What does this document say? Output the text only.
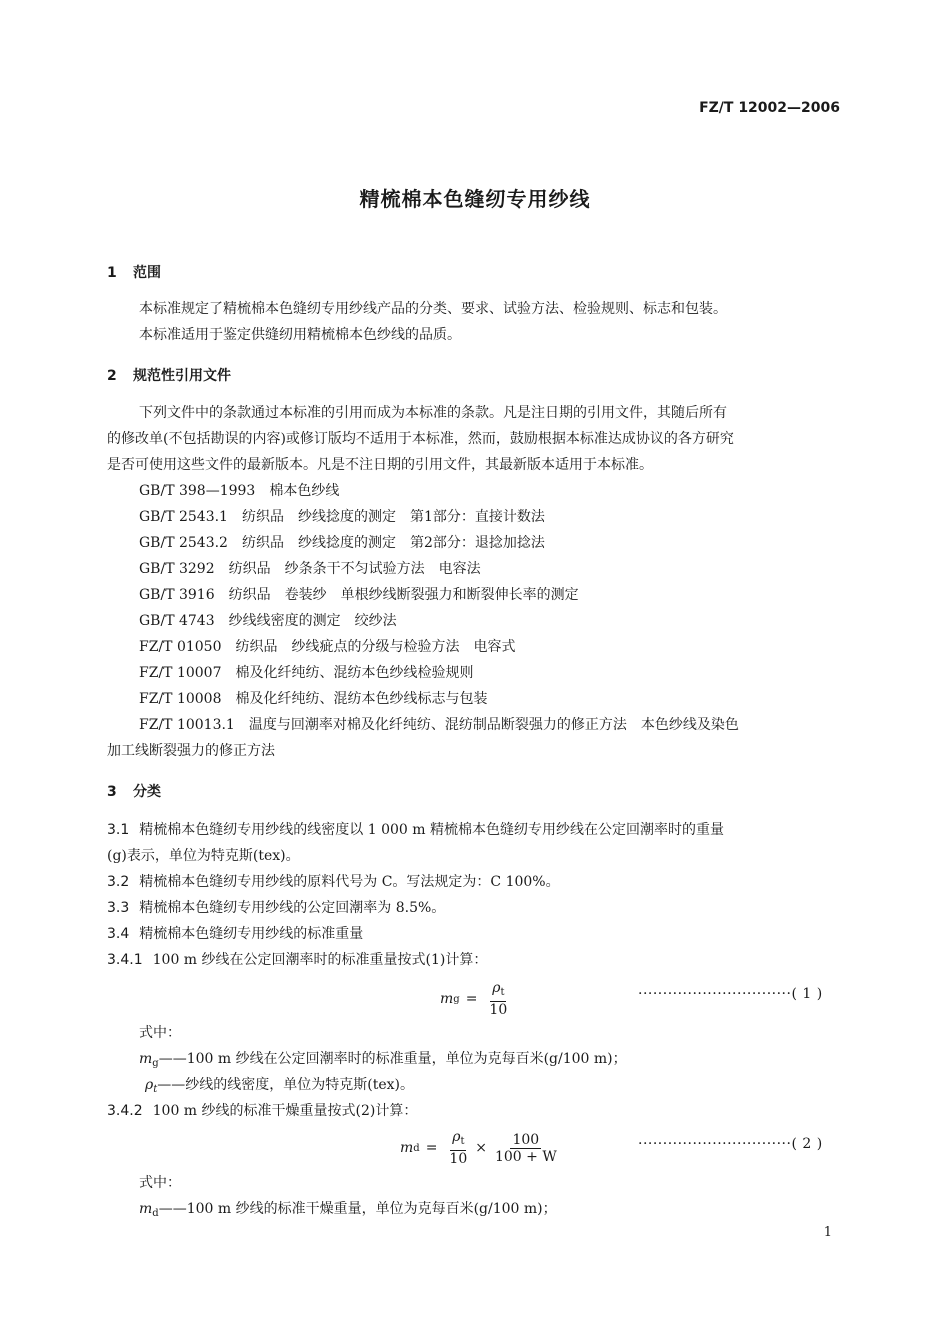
FZ/T 12002—2006
精梳棉本色缝纫专用纱线
1 范围
本标准规定了精梳棉本色缝纫专用纱线产品的分类、要求、试验方法、检验规则、标志和包装。
本标准适用于鉴定供缝纫用精梳棉本色纱线的品质。
2 规范性引用文件
下列文件中的条款通过本标准的引用而成为本标准的条款。凡是注日期的引用文件，其随后所有
的修改单(不包括勘误的内容)或修订版均不适用于本标准，然而，鼓励根据本标准达成协议的各方研究
是否可使用这些文件的最新版本。凡是不注日期的引用文件，其最新版本适用于本标准。
GB/T 398—1993 棉本色纱线
GB/T 2543.1 纺织品　纱线捻度的测定　第1部分：直接计数法
GB/T 2543.2 纺织品　纱线捻度的测定　第2部分：退捻加捻法
GB/T 3292 纺织品　纱条条干不匀试验方法　电容法
GB/T 3916 纺织品　卷装纱　单根纱线断裂强力和断裂伸长率的测定
GB/T 4743 纱线线密度的测定　绞纱法
FZ/T 01050 纺织品　纱线疵点的分级与检验方法　电容式
FZ/T 10007 棉及化纤纯纺、混纺本色纱线检验规则
FZ/T 10008 棉及化纤纯纺、混纺本色纱线标志与包装
FZ/T 10013.1 温度与回潮率对棉及化纤纯纺、混纺制品断裂强力的修正方法　本色纱线及染色
加工线断裂强力的修正方法
3 分类
3.1 精梳棉本色缝纫专用纱线的线密度以 1 000 m 精梳棉本色缝纫专用纱线在公定回潮率时的重量
(g)表示，单位为特克斯(tex)。
3.2 精梳棉本色缝纫专用纱线的原料代号为 C。写法规定为：C 100%。
3.3 精梳棉本色缝纫专用纱线的公定回潮率为 8.5%。
3.4 精梳棉本色缝纫专用纱线的标准重量
3.4.1 100 m 纱线在公定回潮率时的标准重量按式(1)计算：
m $g = \frac{\rho_t}{10}$	·······························( 1 )
式中：
$m_g——100$ m 纱线在公定回潮率时的标准重量，单位为克每百米(g/100 m)；
$\rho_t——$纱线的线密度，单位为特克斯(tex)。
3.4.2 100 m 纱线的标准干燥重量按式(2)计算：
m $d = \frac{\rho_t}{10} \times \frac{100}{100 + W}$	·······························( 2 )
式中：
$m_d——100$ m 纱线的标准干燥重量，单位为克每百米(g/100 m)；
1
